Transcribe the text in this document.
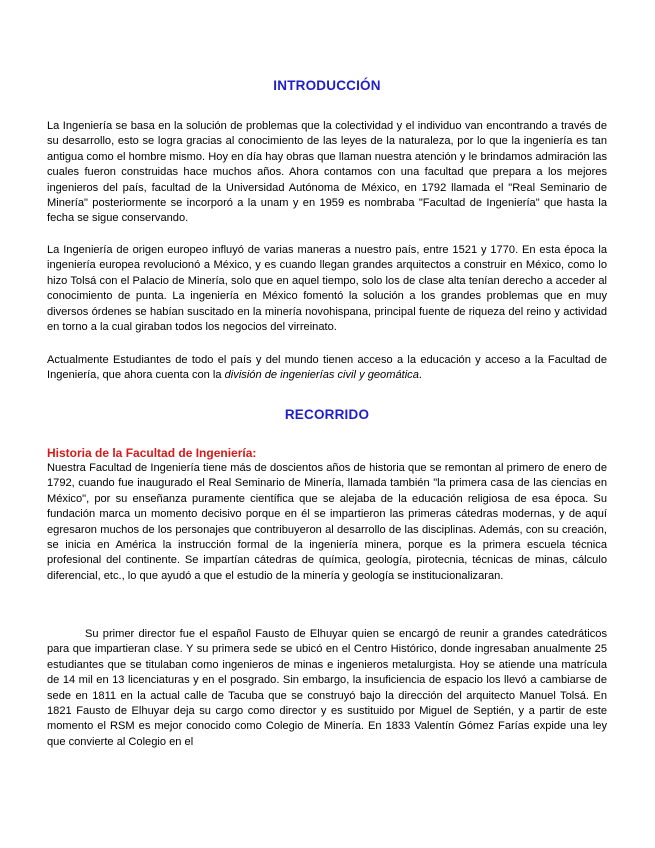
INTRODUCCIÓN

La Ingeniería se basa en la solución de problemas que la colectividad y el individuo van encontrando a través de su desarrollo, esto se logra gracias al conocimiento de las leyes de la naturaleza, por lo que la ingeniería es tan antigua como el hombre mismo. Hoy en día hay obras que llaman nuestra atención y le brindamos admiración las cuales fueron construidas hace muchos años. Ahora contamos con una facultad que prepara a los mejores ingenieros del país, facultad de la Universidad Autónoma de México, en 1792 llamada el "Real Seminario de Minería" posteriormente se incorporó a la unam y en 1959 es nombraba "Facultad de Ingeniería" que hasta la fecha se sigue conservando.

La Ingeniería de origen europeo influyó de varias maneras a nuestro país, entre 1521 y 1770. En esta época la ingeniería europea revolucionó a México, y es cuando llegan grandes arquitectos a construir en México, como lo hizo Tolsá con el Palacio de Minería, solo que en aquel tiempo, solo los de clase alta tenían derecho a acceder al conocimiento de punta. La ingeniería en México fomentó la solución a los grandes problemas que en muy diversos órdenes se habían suscitado en la minería novohispana, principal fuente de riqueza del reino y actividad en torno a la cual giraban todos los negocios del virreinato.

Actualmente Estudiantes de todo el país y del mundo tienen acceso a la educación y acceso a la Facultad de Ingeniería, que ahora cuenta con la división de ingenierías civil y geomática.

RECORRIDO
Historia de la Facultad de Ingeniería:

Nuestra Facultad de Ingeniería tiene más de doscientos años de historia que se remontan al primero de enero de 1792, cuando fue inaugurado el Real Seminario de Minería, llamada también "la primera casa de las ciencias en México", por su enseñanza puramente científica que se alejaba de la educación religiosa de esa época. Su fundación marca un momento decisivo porque en él se impartieron las primeras cátedras modernas, y de aquí egresaron muchos de los personajes que contribuyeron al desarrollo de las disciplinas. Además, con su creación, se inicia en América la instrucción formal de la ingeniería minera, porque es la primera escuela técnica profesional del continente. Se impartían cátedras de química, geología, pirotecnia, técnicas de minas, cálculo diferencial, etc., lo que ayudó a que el estudio de la minería y geología se institucionalizaran.

Su primer director fue el español Fausto de Elhuyar quien se encargó de reunir a grandes catedráticos para que impartieran clase. Y su primera sede se ubicó en el Centro Histórico, donde ingresaban anualmente 25 estudiantes que se titulaban como ingenieros de minas e ingenieros metalurgista. Hoy se atiende una matrícula de 14 mil en 13 licenciaturas y en el posgrado. Sin embargo, la insuficiencia de espacio los llevó a cambiarse de sede en 1811 en la actual calle de Tacuba que se construyó bajo la dirección del arquitecto Manuel Tolsá. En 1821 Fausto de Elhuyar deja su cargo como director y es sustituido por Miguel de Septién, y a partir de este momento el RSM es mejor conocido como Colegio de Minería. En 1833 Valentín Gómez Farías expide una ley que convierte al Colegio en el
